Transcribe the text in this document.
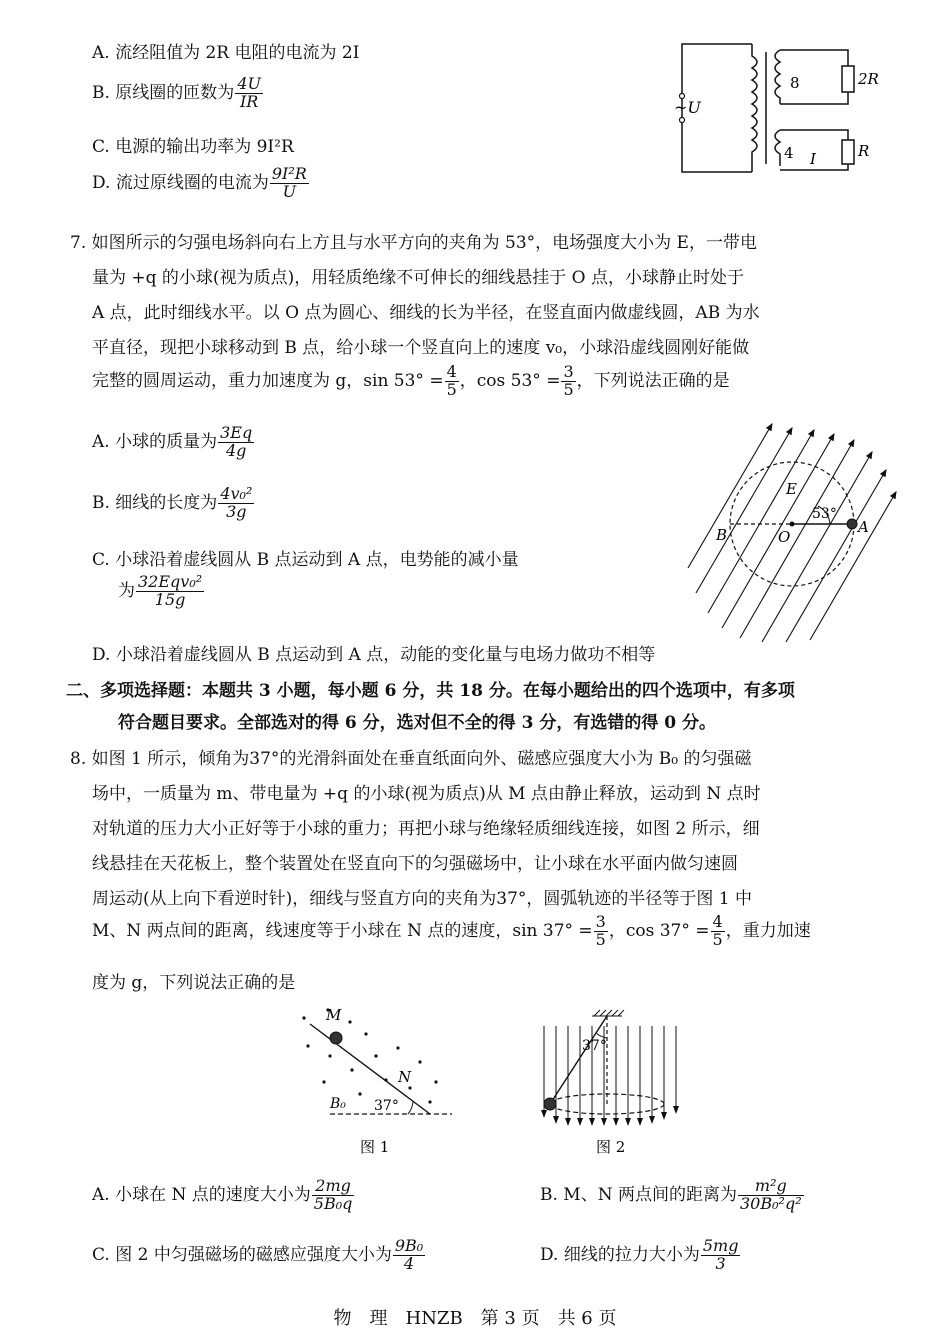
A. 流经阻值为 2R 电阻的电流为 2I
B. 原线圈的匝数为 $\frac{4U}{IR}$
C. 电源的输出功率为 9I²R
D. 流过原线圈的电流为 $\frac{\text{9I²R}}{U}$
~U
8
4
2R
R
I
7. 如图所示的匀强电场斜向右上方且与水平方向的夹角为 53°，电场强度大小为 E，一带电
量为 +q 的小球(视为质点)，用轻质绝缘不可伸长的细线悬挂于 O 点，小球静止时处于
A 点，此时细线水平。以 O 点为圆心、细线的长为半径，在竖直面内做虚线圆，AB 为水
平直径，现把小球移动到 B 点，给小球一个竖直向上的速度 v₀，小球沿虚线圆刚好能做
完整的圆周运动，重力加速度为 g，$\sin 53^\circ = \frac{4}{5}$ ，$\cos 53^\circ = \frac{3}{5}$ ，下列说法正确的是
A. 小球的质量为 $\frac{3Eq}{4g}$
B. 细线的长度为 $\frac{\text{4v₀²}}{3g}$
C. 小球沿着虚线圆从 B 点运动到 A 点，电势能的减小量
为 $\frac{\text{32Eqv₀²}}{15g}$
D. 小球沿着虚线圆从 B 点运动到 A 点，动能的变化量与电场力做功不相等
E
53°
A
B	O
二、多项选择题：本题共 3 小题，每小题 6 分，共 18 分。在每小题给出的四个选项中，有多项
符合题目要求。全部选对的得 6 分，选对但不全的得 3 分，有选错的得 0 分。
8. 如图 1 所示，倾角为37°的光滑斜面处在垂直纸面向外、磁感应强度大小为 B₀ 的匀强磁
场中，一质量为 m、带电量为 +q 的小球(视为质点)从 M 点由静止释放，运动到 N 点时
对轨道的压力大小正好等于小球的重力；再把小球与绝缘轻质细线连接，如图 2 所示，细
线悬挂在天花板上，整个装置处在竖直向下的匀强磁场中，让小球在水平面内做匀速圆
周运动(从上向下看逆时针)，细线与竖直方向的夹角为37°，圆弧轨迹的半径等于图 1 中
M、N 两点间的距离，线速度等于小球在 N 点的速度，$\sin 37^\circ = \frac{3}{5}$ ，$\cos 37^\circ = \frac{4}{5}$ ，重力加速
度为 g，下列说法正确的是
M
N
B₀ 37°
图 1
37°
图 2
A. 小球在 N 点的速度大小为 $\frac{2mg}{\text{5B₀q}}$	B. M、N 两点间的距离为 $\frac{\text{m²g}}{\text{30B₀²q²}}$
C. 图 2 中匀强磁场的磁感应强度大小为 $\frac{\text{9B₀}}{4}$	D. 细线的拉力大小为 $\frac{5mg}{3}$
物　理　HNZB　第 3 页　共 6 页
